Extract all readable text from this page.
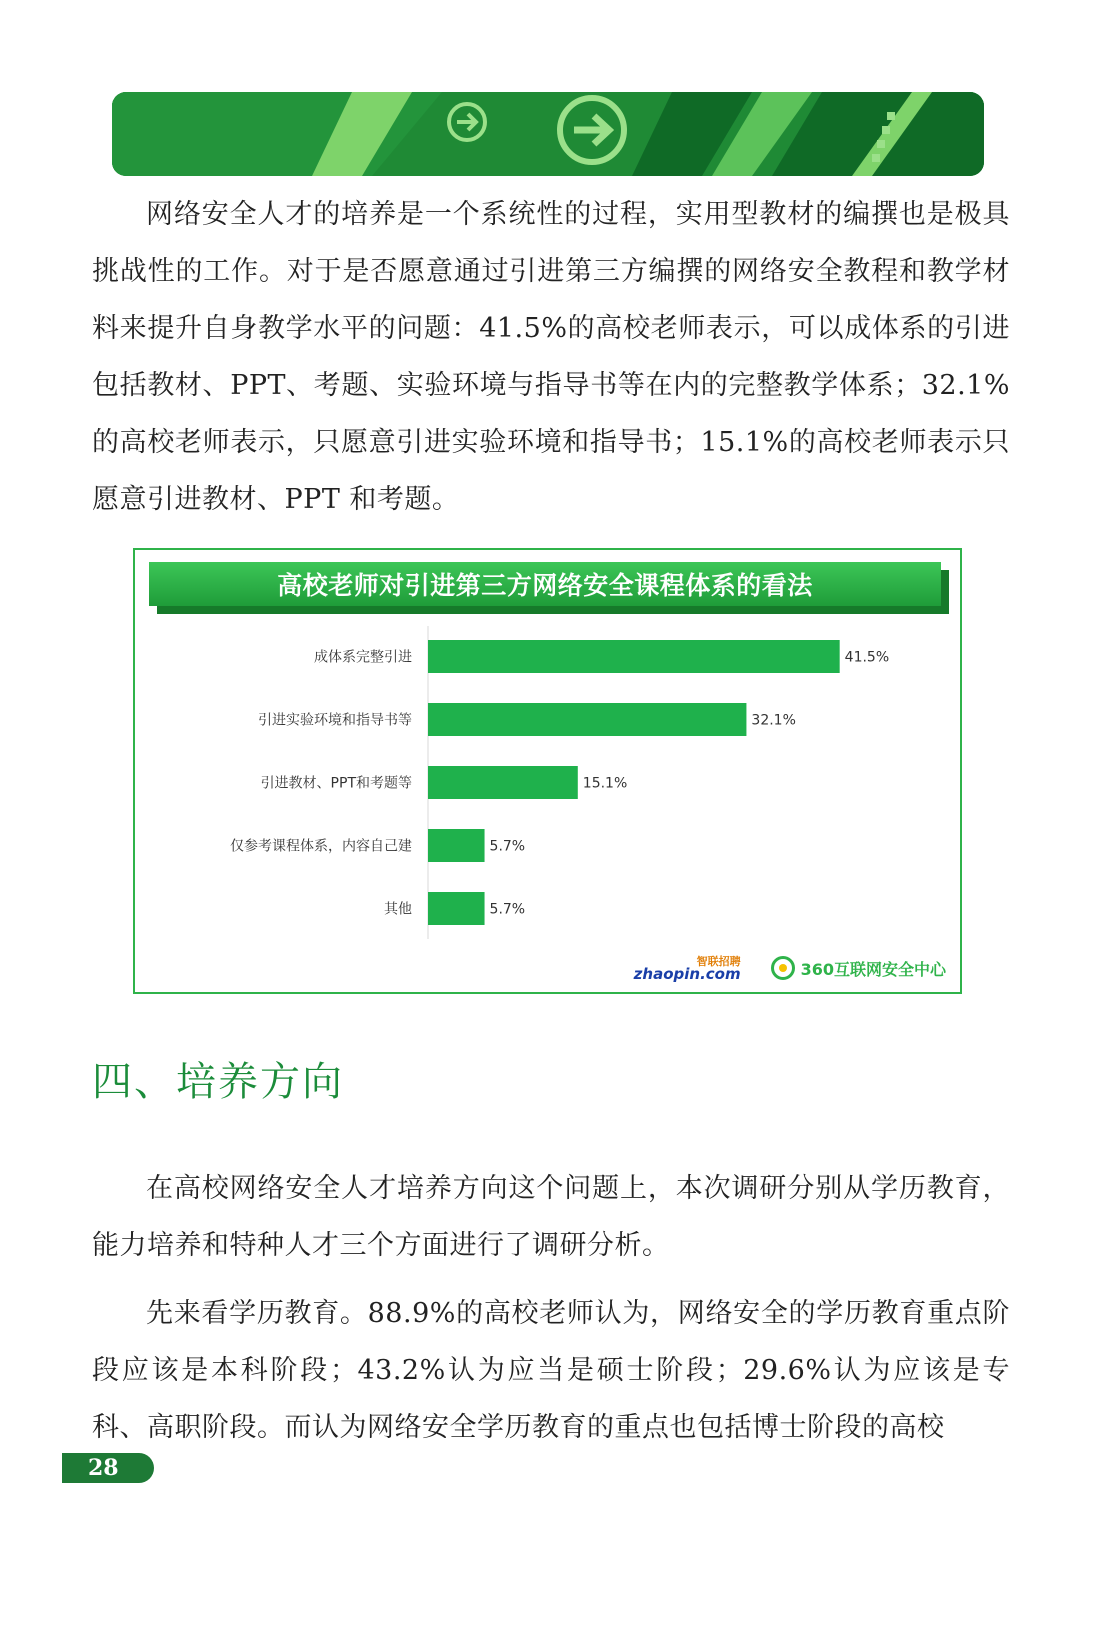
网络安全人才的培养是一个系统性的过程，实用型教材的编撰也是极具挑战性的工作。对于是否愿意通过引进第三方编撰的网络安全教程和教学材料来提升自身教学水平的问题：41.5%的高校老师表示，可以成体系的引进包括教材、PPT、考题、实验环境与指导书等在内的完整教学体系；32.1%的高校老师表示，只愿意引进实验环境和指导书；15.1%的高校老师表示只愿意引进教材、PPT 和考题。

高校老师对引进第三方网络安全课程体系的看法
成体系完整引进	41.5%
引进实验环境和指导书等	32.1%
引进教材、PPT和考题等	15.1%
仅参考课程体系，内容自己建	5.7%
其他	5.7%
智联招聘
zhaopin.com	360互联网安全中心
四、培养方向

在高校网络安全人才培养方向这个问题上，本次调研分别从学历教育，能力培养和特种人才三个方面进行了调研分析。

先来看学历教育。88.9%的高校老师认为，网络安全的学历教育重点阶段应该是本科阶段；43.2%认为应当是硕士阶段；29.6%认为应该是专科、高职阶段。而认为网络安全学历教育的重点也包括博士阶段的高校

28
